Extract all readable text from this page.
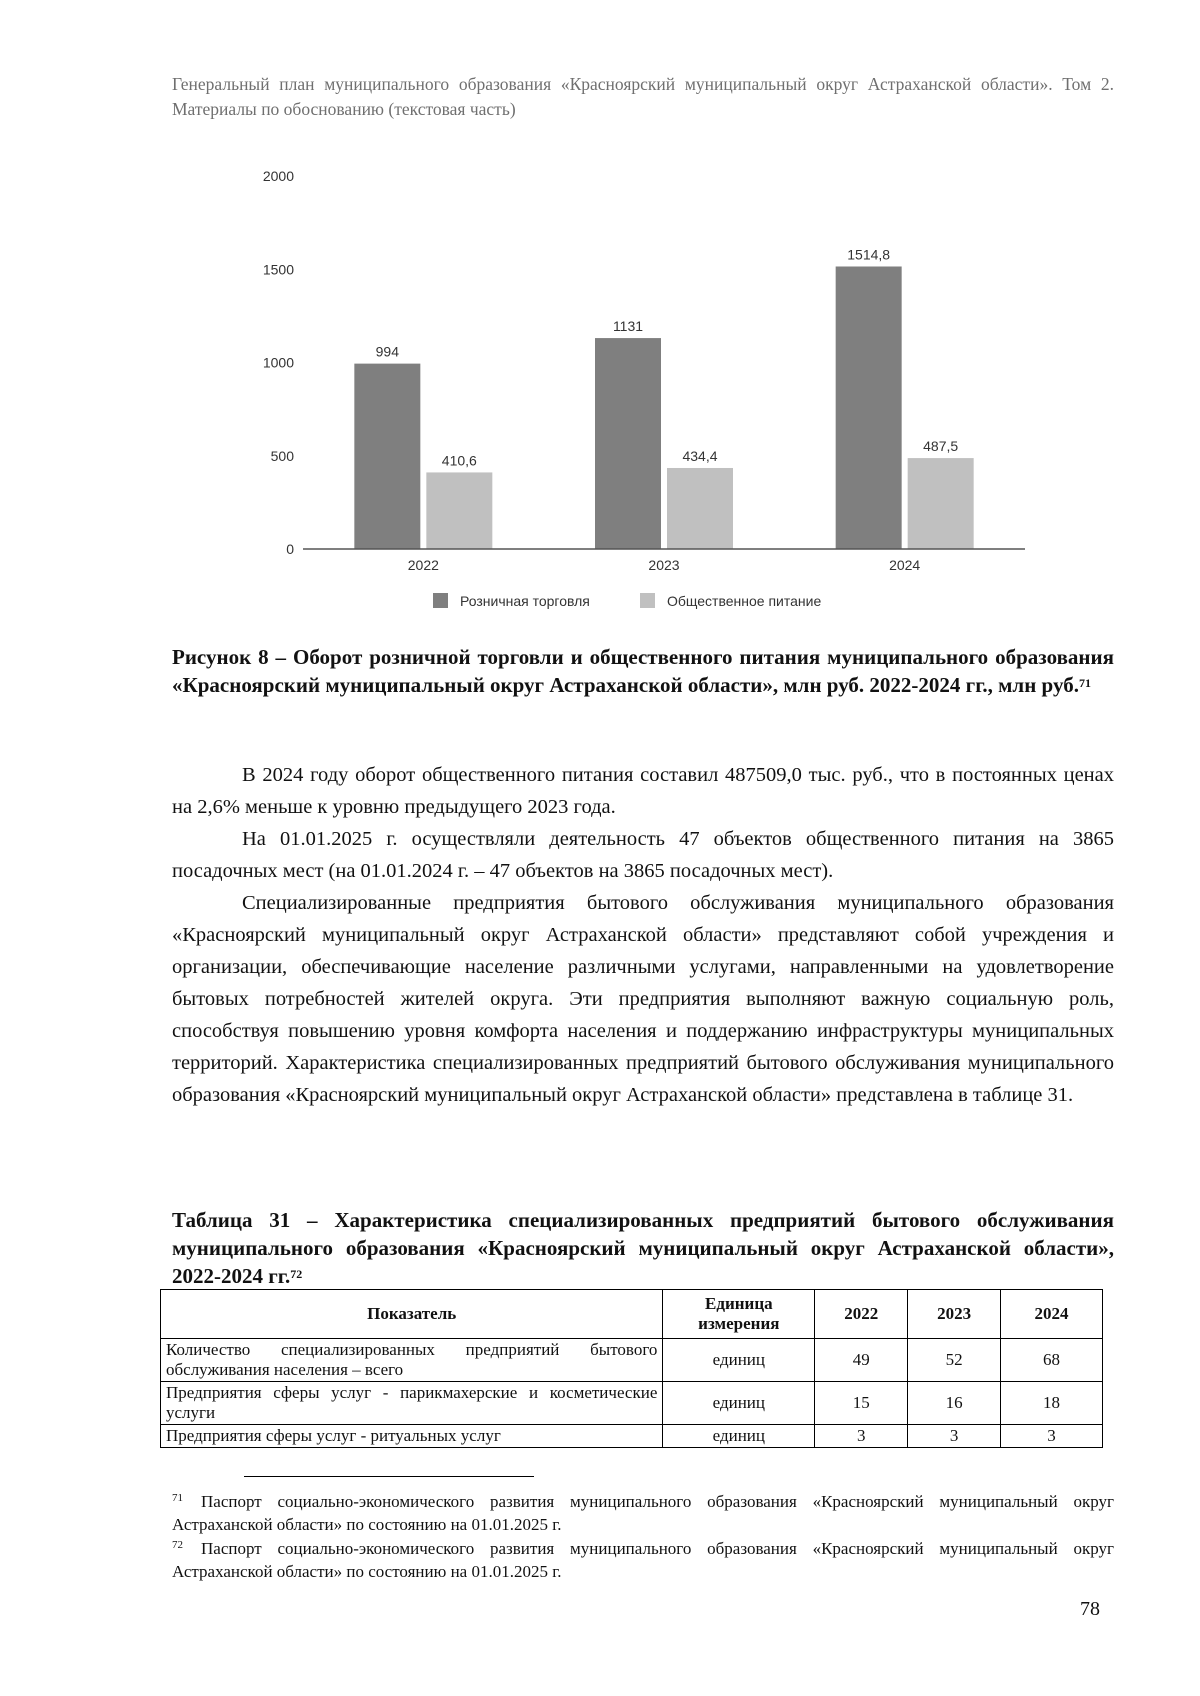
Генеральный план муниципального образования «Красноярский муниципальный округ Астраханской области». Том 2. Материалы по обоснованию (текстовая часть)
0
500
1000
1500
2000
994
410,6
2022
1131
434,4
2023
1514,8
487,5
2024
Розничная торговля	Общественное питание
Рисунок 8 – Оборот розничной торговли и общественного питания муниципального образования «Красноярский муниципальный округ Астраханской области», млн руб. 2022-2024 гг., млн руб.$^{71}$

В 2024 году оборот общественного питания составил 487509,0 тыс. руб., что в постоянных ценах на 2,6% меньше к уровню предыдущего 2023 года.

На 01.01.2025 г. осуществляли деятельность 47 объектов общественного питания на 3865 посадочных мест (на 01.01.2024 г. – 47 объектов на 3865 посадочных мест).

Специализированные предприятия бытового обслуживания муниципального образования «Красноярский муниципальный округ Астраханской области» представляют собой учреждения и организации, обеспечивающие население различными услугами, направленными на удовлетворение бытовых потребностей жителей округа. Эти предприятия выполняют важную социальную роль, способствуя повышению уровня комфорта населения и поддержанию инфраструктуры муниципальных территорий. Характеристика специализированных предприятий бытового обслуживания муниципального образования «Красноярский муниципальный округ Астраханской области» представлена в таблице 31.

Таблица 31 – Характеристика специализированных предприятий бытового обслуживания муниципального образования «Красноярский муниципальный округ Астраханской области», 2022-2024 гг.$^{72}$
Показатель	Единица измерения	2022	2023	2024
Количество специализированных предприятий бытового обслуживания населения – всего	единиц	49	52	68
Предприятия сферы услуг - парикмахерские и косметические услуги	единиц	15	16	18
Предприятия сферы услуг - ритуальных услуг	единиц	3	3	3

$^{71}$ Паспорт социально-экономического развития муниципального образования «Красноярский муниципальный округ Астраханской области» по состоянию на 01.01.2025 г.

$^{72}$ Паспорт социально-экономического развития муниципального образования «Красноярский муниципальный округ Астраханской области» по состоянию на 01.01.2025 г.

78
